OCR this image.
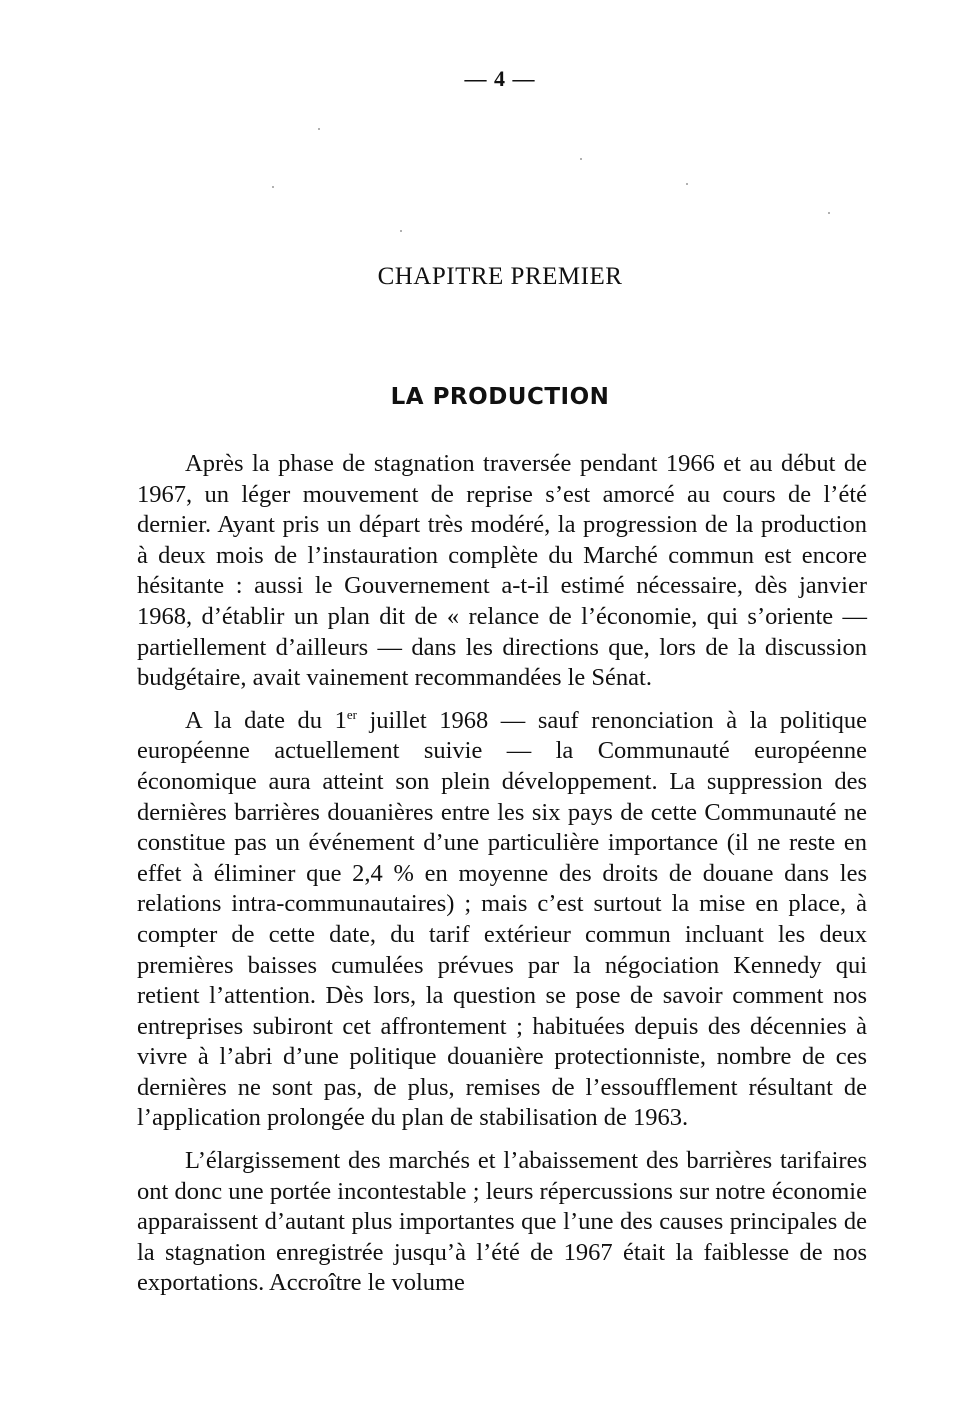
— 4 —
CHAPITRE PREMIER
LA PRODUCTION

Après la phase de stagnation traversée pendant 1966 et au début de 1967, un léger mouvement de reprise s’est amorcé au cours de l’été dernier. Ayant pris un départ très modéré, la progression de la production à deux mois de l’instauration complète du Marché commun est encore hésitante : aussi le Gouvernement a-t-il estimé nécessaire, dès janvier 1968, d’établir un plan dit de « relance de l’économie, qui s’oriente — partiellement d’ailleurs — dans les directions que, lors de la discussion budgétaire, avait vainement recommandées le Sénat.

A la date du 1er juillet 1968 — sauf renonciation à la politique européenne actuellement suivie — la Communauté européenne économique aura atteint son plein développement. La suppression des dernières barrières douanières entre les six pays de cette Communauté ne constitue pas un événement d’une particulière importance (il ne reste en effet à éliminer que 2,4 % en moyenne des droits de douane dans les relations intra-communautaires) ; mais c’est surtout la mise en place, à compter de cette date, du tarif extérieur commun incluant les deux premières baisses cumulées prévues par la négociation Kennedy qui retient l’attention. Dès lors, la question se pose de savoir comment nos entreprises subiront cet affrontement ; habituées depuis des décennies à vivre à l’abri d’une politique douanière protectionniste, nombre de ces dernières ne sont pas, de plus, remises de l’essoufflement résultant de l’application prolongée du plan de stabilisation de 1963.

L’élargissement des marchés et l’abaissement des barrières tarifaires ont donc une portée incontestable ; leurs répercussions sur notre économie apparaissent d’autant plus importantes que l’une des causes principales de la stagnation enregistrée jusqu’à l’été de 1967 était la faiblesse de nos exportations. Accroître le volume
